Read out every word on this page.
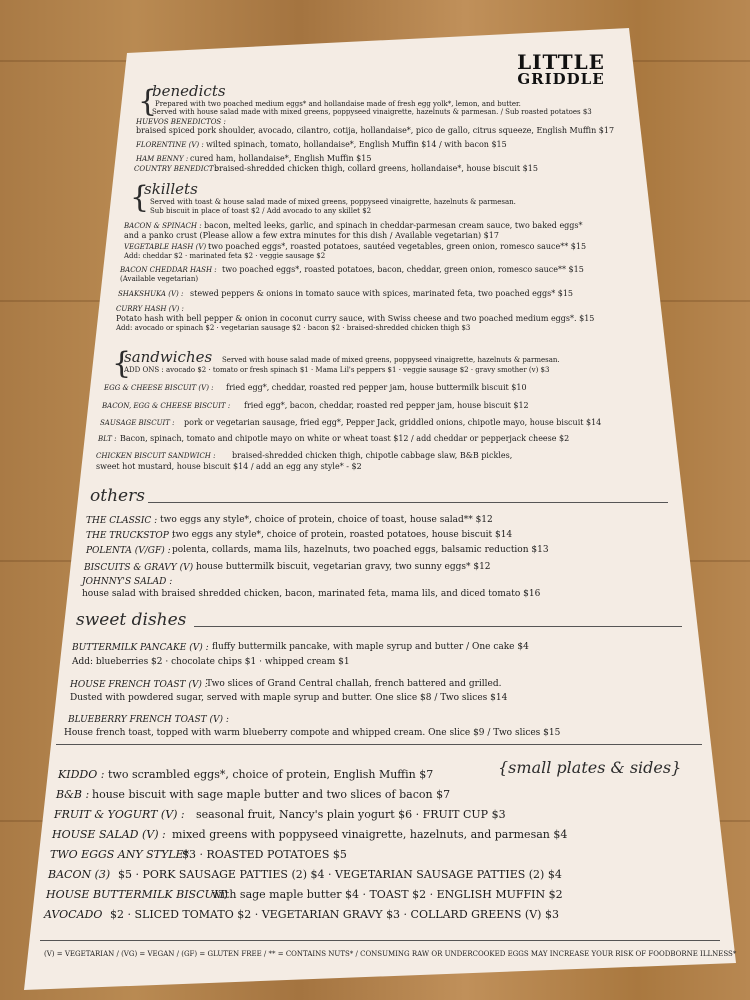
LITTLE
GRIDDLE
{
benedicts
Prepared with two poached medium eggs* and hollandaise made of fresh egg yolk*, lemon, and butter.
Served with house salad made with mixed greens, poppyseed vinaigrette, hazelnuts & parmesan. / Sub roasted potatoes $3
HUEVOS BENEDICTOS :
braised spiced pork shoulder, avocado, cilantro, cotija, hollandaise*, pico de gallo, citrus squeeze, English Muffin $17
FLORENTINE (V) : wilted spinach, tomato, hollandaise*, English Muffin $14 / with bacon $15
HAM BENNY : cured ham, hollandaise*, English Muffin $15
COUNTRY BENEDICT :
braised-shredded chicken thigh, collard greens, hollandaise*, house biscuit $15
{
skillets
Served with toast & house salad made of mixed greens, poppyseed vinaigrette, hazelnuts & parmesan.
Sub biscuit in place of toast $2 / Add avocado to any skillet $2
BACON & SPINACH : bacon, melted leeks, garlic, and spinach in cheddar-parmesan cream sauce, two baked eggs*
and a panko crust (Please allow a few extra minutes for this dish / Available vegetarian) $17
VEGETABLE HASH (V) :
two poached eggs*, roasted potatoes, sautéed vegetables, green onion, romesco sauce** $15
Add: cheddar $2 · marinated feta $2 · veggie sausage $2
BACON CHEDDAR HASH : two poached eggs*, roasted potatoes, bacon, cheddar, green onion, romesco sauce** $15
(Available vegetarian)
SHAKSHUKA (V) : stewed peppers & onions in tomato sauce with spices, marinated feta, two poached eggs* $15
CURRY HASH (V) :
Potato hash with bell pepper & onion in coconut curry sauce, with Swiss cheese and two poached medium eggs*. $15
Add: avocado or spinach $2 · vegetarian sausage $2 · bacon $2 · braised-shredded chicken thigh $3
{
sandwiches Served with house salad made of mixed greens, poppyseed vinaigrette, hazelnuts & parmesan.
ADD ONS : avocado $2 · tomato or fresh spinach $1 · Mama Lil's peppers $1 · veggie sausage $2 · gravy smother (v) $3
EGG & CHEESE BISCUIT (V) : fried egg*, cheddar, roasted red pepper jam, house buttermilk biscuit $10
BACON, EGG & CHEESE BISCUIT : fried egg*, bacon, cheddar, roasted red pepper jam, house biscuit $12
SAUSAGE BISCUIT : pork or vegetarian sausage, fried egg*, Pepper Jack, griddled onions, chipotle mayo, house biscuit $14
BLT : Bacon, spinach, tomato and chipotle mayo on white or wheat toast $12 / add cheddar or pepperjack cheese $2
CHICKEN BISCUIT SANDWICH : braised-shredded chicken thigh, chipotle cabbage slaw, B&B pickles,
sweet hot mustard, house biscuit $14 / add an egg any style* - $2
others
THE CLASSIC : two eggs any style*, choice of protein, choice of toast, house salad** $12
THE TRUCKSTOP :
two eggs any style*, choice of protein, roasted potatoes, house biscuit $14
POLENTA (V/GF) : polenta, collards, mama lils, hazelnuts, two poached eggs, balsamic reduction $13
BISCUITS & GRAVY (V) :
house buttermilk biscuit, vegetarian gravy, two sunny eggs* $12
JOHNNY'S SALAD :
house salad with braised shredded chicken, bacon, marinated feta, mama lils, and diced tomato $16
sweet dishes
BUTTERMILK PANCAKE (V) : fluffy buttermilk pancake, with maple syrup and butter / One cake $4
Add: blueberries $2 · chocolate chips $1 · whipped cream $1
HOUSE FRENCH TOAST (V) :
Two slices of Grand Central challah, french battered and grilled.
Dusted with powdered sugar, served with maple syrup and butter. One slice $8 / Two slices $14
BLUEBERRY FRENCH TOAST (V) :
House french toast, topped with warm blueberry compote and whipped cream. One slice $9 / Two slices $15
{small plates & sides}
KIDDO : two scrambled eggs*, choice of protein, English Muffin $7
B&B : house biscuit with sage maple butter and two slices of bacon $7
FRUIT & YOGURT (V) : seasonal fruit, Nancy's plain yogurt $6 · FRUIT CUP $3
HOUSE SALAD (V) : mixed greens with poppyseed vinaigrette, hazelnuts, and parmesan $4
TWO EGGS ANY STYLE*
$3 · ROASTED POTATOES $5
BACON (3) $5 · PORK SAUSAGE PATTIES (2) $4 · VEGETARIAN SAUSAGE PATTIES (2) $4
HOUSE BUTTERMILK BISCUIT,
with sage maple butter $4 · TOAST $2 · ENGLISH MUFFIN $2
AVOCADO $2 · SLICED TOMATO $2 · VEGETARIAN GRAVY $3 · COLLARD GREENS (V) $3
(V) = VEGETARIAN / (VG) = VEGAN / (GF) = GLUTEN FREE / ** = CONTAINS NUTS* / CONSUMING RAW OR UNDERCOOKED EGGS MAY INCREASE YOUR RISK OF FOODBORNE ILLNESS*
